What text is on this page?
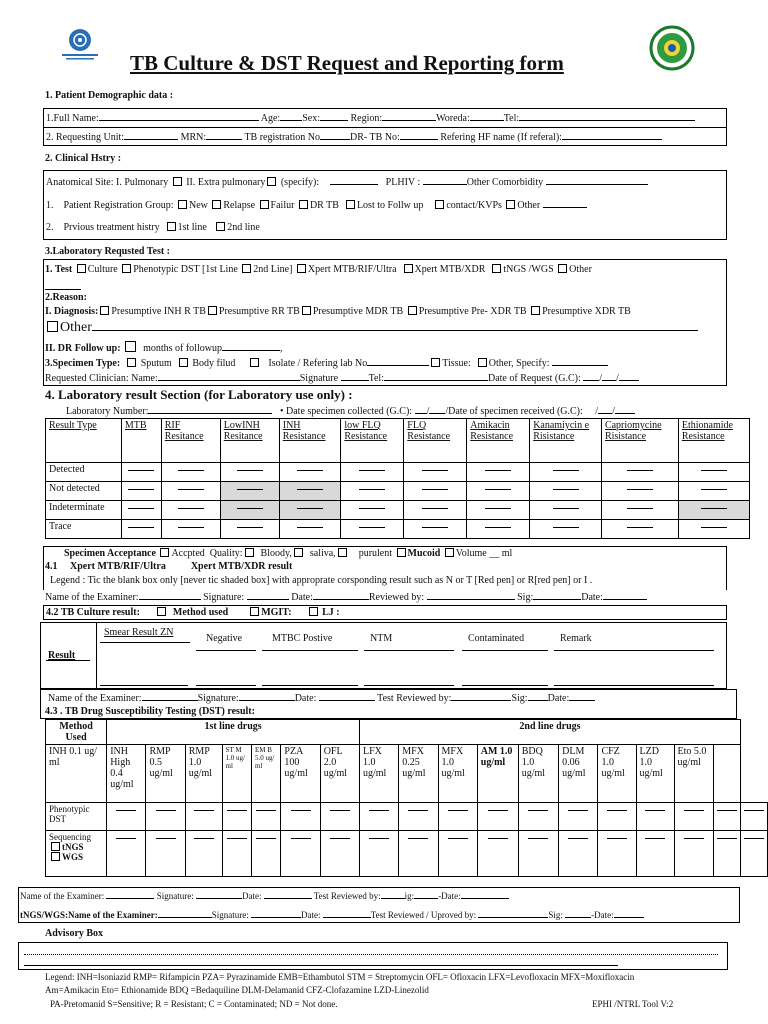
TB Culture & DST Request and Reporting form
1. Patient Demographic data :
1.Full Name:	Age: Sex:	Region:	Woreda:	Tel:
2. Requesting Unit:	MRN:	TB registration No	DR- TB No:	Refering HF name (If referal):
2. Clinical Hstry :
Anatomical Site: I. Pulmonary II. Extra pulmonary (specify):	PLHIV :	Other Comorbidity
1. Patient Registration Group: New Relapse Failur DR TB Lost to Follw up contact/KVPs Other
2. Prvious treatment histry 1st line 2nd line
3.Laboratory Requsted Test :
1. Test Culture Phenotypic DST [1st Line 2nd Line] Xpert MTB/RIF/Ultra Xpert MTB/XDR tNGS /WGS Other
2.Reason:
I. Diagnosis: Presumptive INH R TB Presumptive RR TB Presumptive MDR TB Presumptive Pre- XDR TB Presumptive XDR TB
Other
II. DR Follow up: months of followup	,
3.Specimen Type: Sputum Body filud	Isolate / Refering lab No	Tissue: Other, Specify:
Requested Clinician: Name:	Signature	Tel:	Date of Request (G.C): / /
4. Laboratory result Section (for Laboratory use only) :
Laboratory Number:	• Date specimen collected (G.C): / /Date of specimen received (G.C):     / /
Result Type	MTB	RIF Resitance	LowINH Resitance	INH Resistance	low FLQ Resistance	FLQ Resistance	Amikacin Resistance	Kanamiycin e Risistance	Capriomycine Risistance	Ethionamide Resistance
Detected	

Not detected	

Indeterminate	

Trace	

Specimen Acceptance Accpted Quality: Bloody, saliva, purulent Mucoid Volume __ ml
4.1     Xpert MTB/RIF/Ultra          Xpert MTB/XDR result
Legend : Tic the blank box only [never tic shaded box] with approprate corsponding result such as N or T [Red pen] or R[red pen] or I .
Name of the Examiner:	Signature:	Date:	Reviewed by:	Sig:	Date:
4.2 TB Culture result:	Method used	MGIT:	LJ :
Result
Smear Result ZN
Negative	MTBC Postive	NTM	Contaminated	Remark
Name of the Examiner:	Signature:	Date:	Test Reviewed by:	Sig: Date:
4.3 . TB Drug Susceptibility Testing (DST) result:
Method Used	1st line drugs							2nd line drugs										
INH 0.1 ug/ ml	INH High 0.4 ug/ml	RMP 0.5 ug/ml	RMP 1.0 ug/ml	ST M 1.0 ug/ ml	EM B 5.0 ug/ ml	PZA 100 ug/ml	OFL 2.0 ug/ml	LFX 1.0 ug/ml	MFX 0.25 ug/ml	MFX 1.0 ug/ml	AM 1.0 ug/ml	BDQ 1.0 ug/ml	DLM 0.06 ug/ml	CFZ 1.0 ug/ml	LZD 1.0 ug/ml	Eto 5.0 ug/ml		
Phenotypic DST	

Sequencing
tNGS
WGS	

Name of the Examiner:	Signature:	Date:	Test Reviewed by:	ig:	-Date:
tNGS/WGS:Name of the Examiner:	Signature:	Date:	Test Reviewed / Uproved by:	Sig:	-Date:
Advisory Box
Legend: INH=Isoniazid RMP= Rifampicin PZA= Pyrazinamide EMB=Ethambutol STM = Streptomycin OFL= Ofloxacin LFX=Levofloxacin MFX=Moxifloxacin
Am=Amikacin Eto= Ethionamide BDQ =Bedaquiline DLM-Delamanid CFZ-Clofazamine LZD-Linezolid
PA-Pretomanid S=Sensitive; R = Resistant; C = Contaminated; ND = Not done.	EPHI /NTRL Tool V:2
